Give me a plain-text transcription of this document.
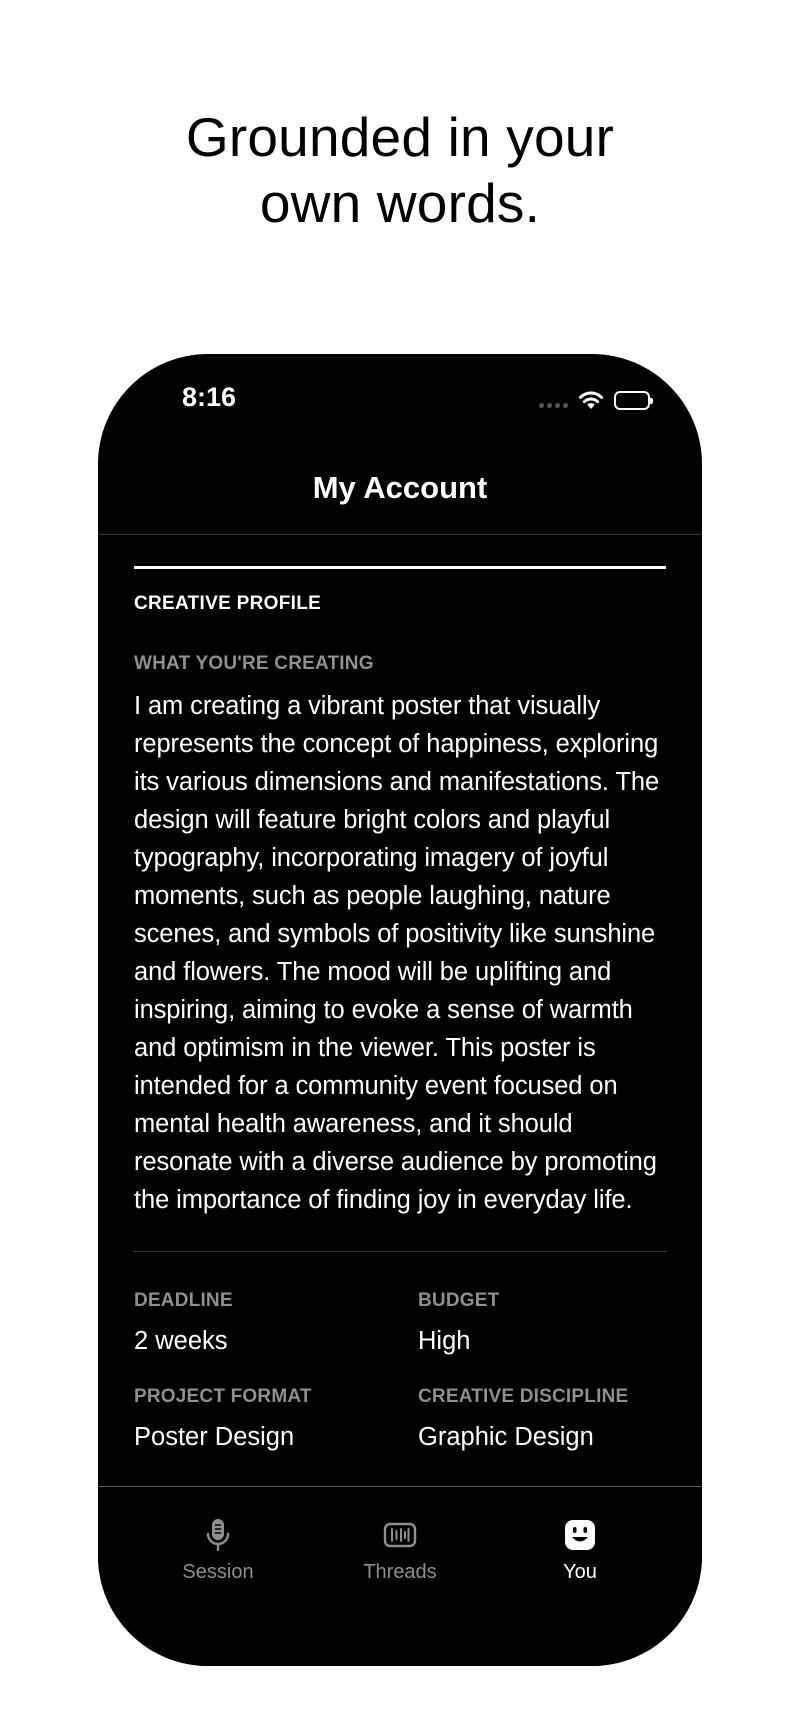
Grounded in your
own words.
8:16
My Account
CREATIVE PROFILE
WHAT YOU'RE CREATING
I am creating a vibrant poster that visually represents the concept of happiness, exploring its various dimensions and manifestations. The design will feature bright colors and playful typography, incorporating imagery of joyful moments, such as people laughing, nature scenes, and symbols of positivity like sunshine and flowers. The mood will be uplifting and inspiring, aiming to evoke a sense of warmth and optimism in the viewer. This poster is intended for a community event focused on mental health awareness, and it should resonate with a diverse audience by promoting the importance of finding joy in everyday life.
DEADLINE
2 weeks
BUDGET
High
PROJECT FORMAT
Poster Design
CREATIVE DISCIPLINE
Graphic Design
Session	Threads	You
